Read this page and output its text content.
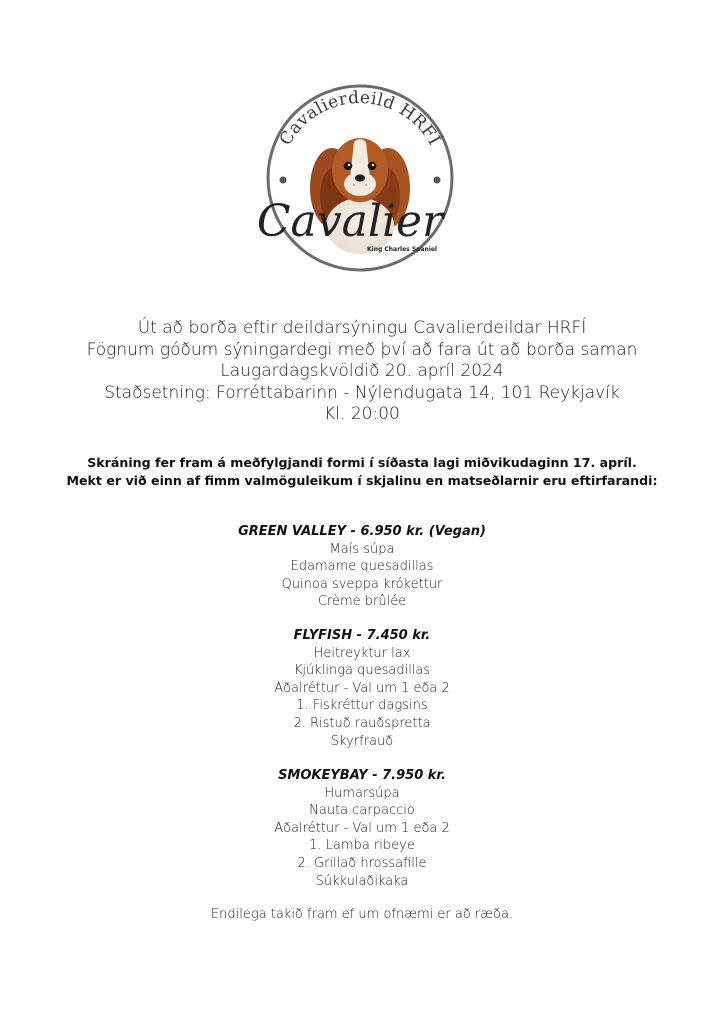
Cavalierdeild HRFÍ
Cavalier
King Charles Spaniel
Út að borða eftir deildarsýningu Cavalierdeildar HRFÍ
Fögnum góðum sýningardegi með því að fara út að borða saman
Laugardagskvöldið 20. apríl 2024
Staðsetning: Forréttabarinn - Nýlendugata 14, 101 Reykjavík
Kl. 20:00
Skráning fer fram á meðfylgjandi formi í síðasta lagi miðvikudaginn 17. apríl.
Mekt er við einn af fimm valmöguleikum í skjalinu en matseðlarnir eru eftirfarandi:
GREEN VALLEY - 6.950 kr. (Vegan)
Maís súpa
Edamame quesadillas
Quinoa sveppa krókettur
Crème brûlée
FLYFISH - 7.450 kr.
Heitreyktur lax
Kjúklinga quesadillas
Aðalréttur - Val um 1 eða 2
1. Fiskréttur dagsins
2. Ristuð rauðspretta
Skyrfrauð
SMOKEYBAY - 7.950 kr.
Humarsúpa
Nauta carpaccio
Aðalréttur - Val um 1 eða 2
1. Lamba ribeye
2. Grillað hrossafille
Súkkulaðikaka
Endilega takið fram ef um ofnæmi er að ræða.
